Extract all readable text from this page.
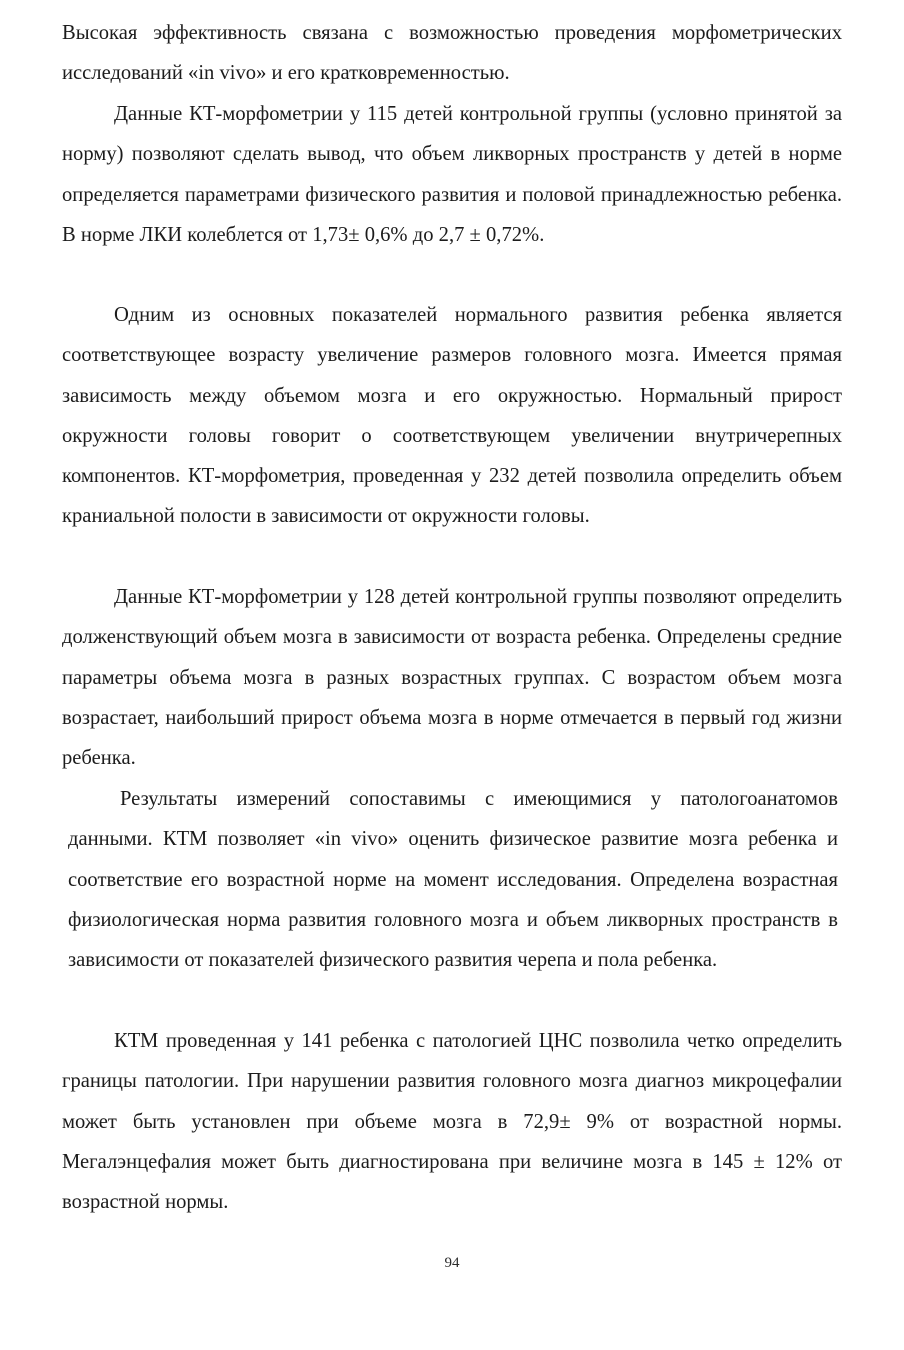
Высокая эффективность связана с возможностью проведения морфометрических исследований «in vivo» и его кратковременностью.

Данные КТ-морфометрии у 115 детей контрольной группы (условно принятой за норму) позволяют сделать вывод, что объем ликворных пространств у детей в норме определяется параметрами физического развития и половой принадлежностью ребенка. В норме ЛКИ колеблется от 1,73± 0,6% до 2,7 ± 0,72%.

Одним из основных показателей нормального развития ребенка является соответствующее возрасту увеличение размеров головного мозга. Имеется прямая зависимость между объемом мозга и его окружностью. Нормальный прирост окружности головы говорит о соответствующем увеличении внутричерепных компонентов. КТ-морфометрия, проведенная у 232 детей позволила определить объем краниальной полости в зависимости от окружности головы.

Данные КТ-морфометрии у 128 детей контрольной группы позволяют определить долженствующий объем мозга в зависимости от возраста ребенка. Определены средние параметры объема мозга в разных возрастных группах. С возрастом объем мозга возрастает, наибольший прирост объема мозга в норме отмечается в первый год жизни ребенка.

Результаты измерений сопоставимы с имеющимися у патологоанатомов данными. КТМ позволяет «in vivo» оценить физическое развитие мозга ребенка и соответствие его возрастной норме на момент исследования. Определена возрастная физиологическая норма развития головного мозга и объем ликворных пространств в зависимости от показателей физического развития черепа и пола ребенка.

КТМ проведенная у 141 ребенка с патологией ЦНС позволила четко определить границы патологии. При нарушении развития головного мозга диагноз микроцефалии может быть установлен при объеме мозга в 72,9± 9% от возрастной нормы. Мегалэнцефалия может быть диагностирована при величине мозга в 145 ± 12% от возрастной нормы.

94
